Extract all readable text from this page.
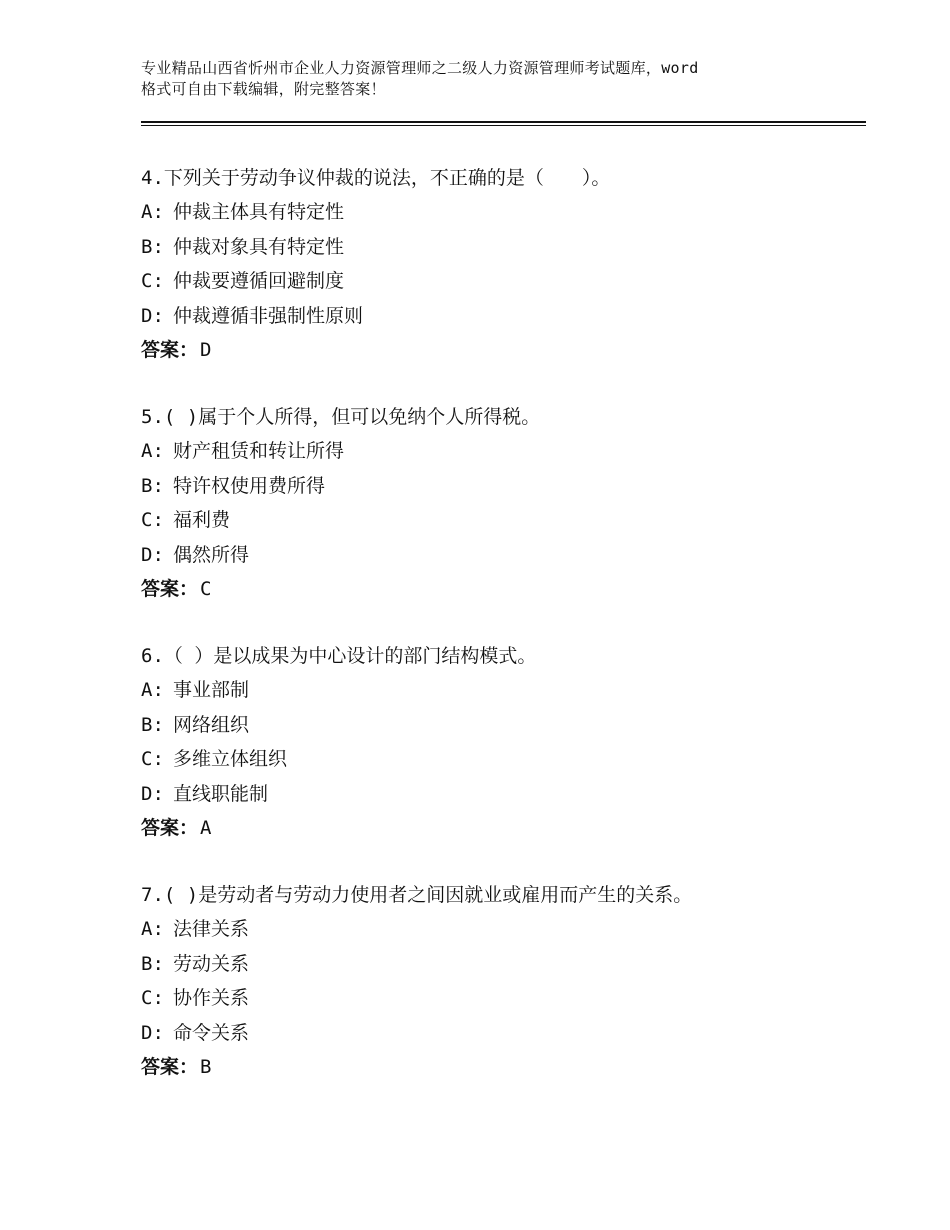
专业精品山西省忻州市企业人力资源管理师之二级人力资源管理师考试题库，word
格式可自由下载编辑，附完整答案！
4.下列关于劳动争议仲裁的说法，不正确的是（　　）。
A: 仲裁主体具有特定性
B: 仲裁对象具有特定性
C: 仲裁要遵循回避制度
D: 仲裁遵循非强制性原则
答案： D
5.( )属于个人所得，但可以免纳个人所得税。
A: 财产租赁和转让所得
B: 特许权使用费所得
C: 福利费
D: 偶然所得
答案： C
6.（ ）是以成果为中心设计的部门结构模式。
A: 事业部制
B: 网络组织
C: 多维立体组织
D: 直线职能制
答案： A
7.( )是劳动者与劳动力使用者之间因就业或雇用而产生的关系。
A: 法律关系
B: 劳动关系
C: 协作关系
D: 命令关系
答案： B
